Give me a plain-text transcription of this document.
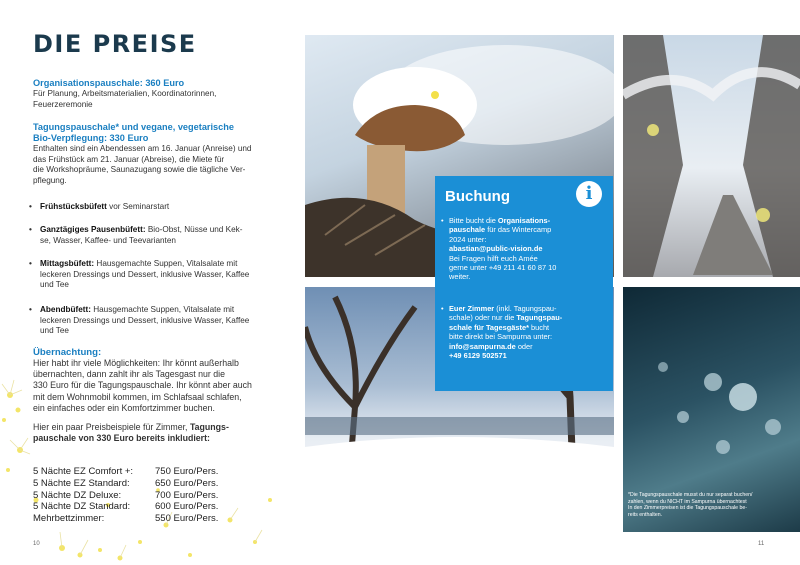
DIE PREISE
Organisationspauschale: 360 Euro
Für Planung, Arbeitsmaterialien, Koordinatorinnen,
Feuerzeremonie
Tagungspauschale* und vegane, vegetarische
Bio-Verpflegung: 330 Euro
Enthalten sind ein Abendessen am 16. Januar (Anreise) und
das Frühstück am 21. Januar (Abreise), die Miete für
die Workshopräume, Saunazugang sowie die tägliche Ver-
pflegung.
• Frühstücksbüfett vor Seminarstart
• Ganztägiges Pausenbüfett: Bio-Obst, Nüsse und Kek-
se, Wasser, Kaffee- und Teevarianten
• Mittagsbüfett: Hausgemachte Suppen, Vitalsalate mit
leckeren Dressings und Dessert, inklusive Wasser, Kaffee
und Tee
• Abendbüfett: Hausgemachte Suppen, Vitalsalate mit
leckeren Dressings und Dessert, inklusive Wasser, Kaffee
und Tee
Übernachtung:
Hier habt ihr viele Möglichkeiten: Ihr könnt außerhalb
übernachten, dann zahlt ihr als Tagesgast nur die
330 Euro für die Tagungspauschale. Ihr könnt aber auch
mit dem Wohnmobil kommen, im Schlafsaal schlafen,
ein einfaches oder ein Komfortzimmer buchen.
Hier ein paar Preisbeispiele für Zimmer, Tagungs-
pauschale von 330 Euro bereits inkludiert:
5 Nächte EZ Comfort +:	750 Euro/Pers.
5 Nächte EZ Standard:	650 Euro/Pers.
5 Nächte DZ Deluxe:	700 Euro/Pers.
5 Nächte DZ Standard:	600 Euro/Pers.
Mehrbettzimmer:	550 Euro/Pers.
10
Buchung	i
• Bitte bucht die Organisations-
pauschale für das Wintercamp
2024 unter:
abastian@public-vision.de
Bei Fragen hilft euch Amée
gerne unter +49 211 41 60 87 10
weiter.
• Euer Zimmer (inkl. Tagungspau-
schale) oder nur die Tagungspau-
schale für Tagesgäste* bucht
bitte direkt bei Sampurna unter:
info@sampurna.de oder
+49 6129 502571
*Die Tagungspauschale musst du nur separat buchen/
zahlen, wenn du NICHT im Sampurna übernachtest
In den Zimmerpreisen ist die Tagungspauschale be-
reits enthalten.
11
